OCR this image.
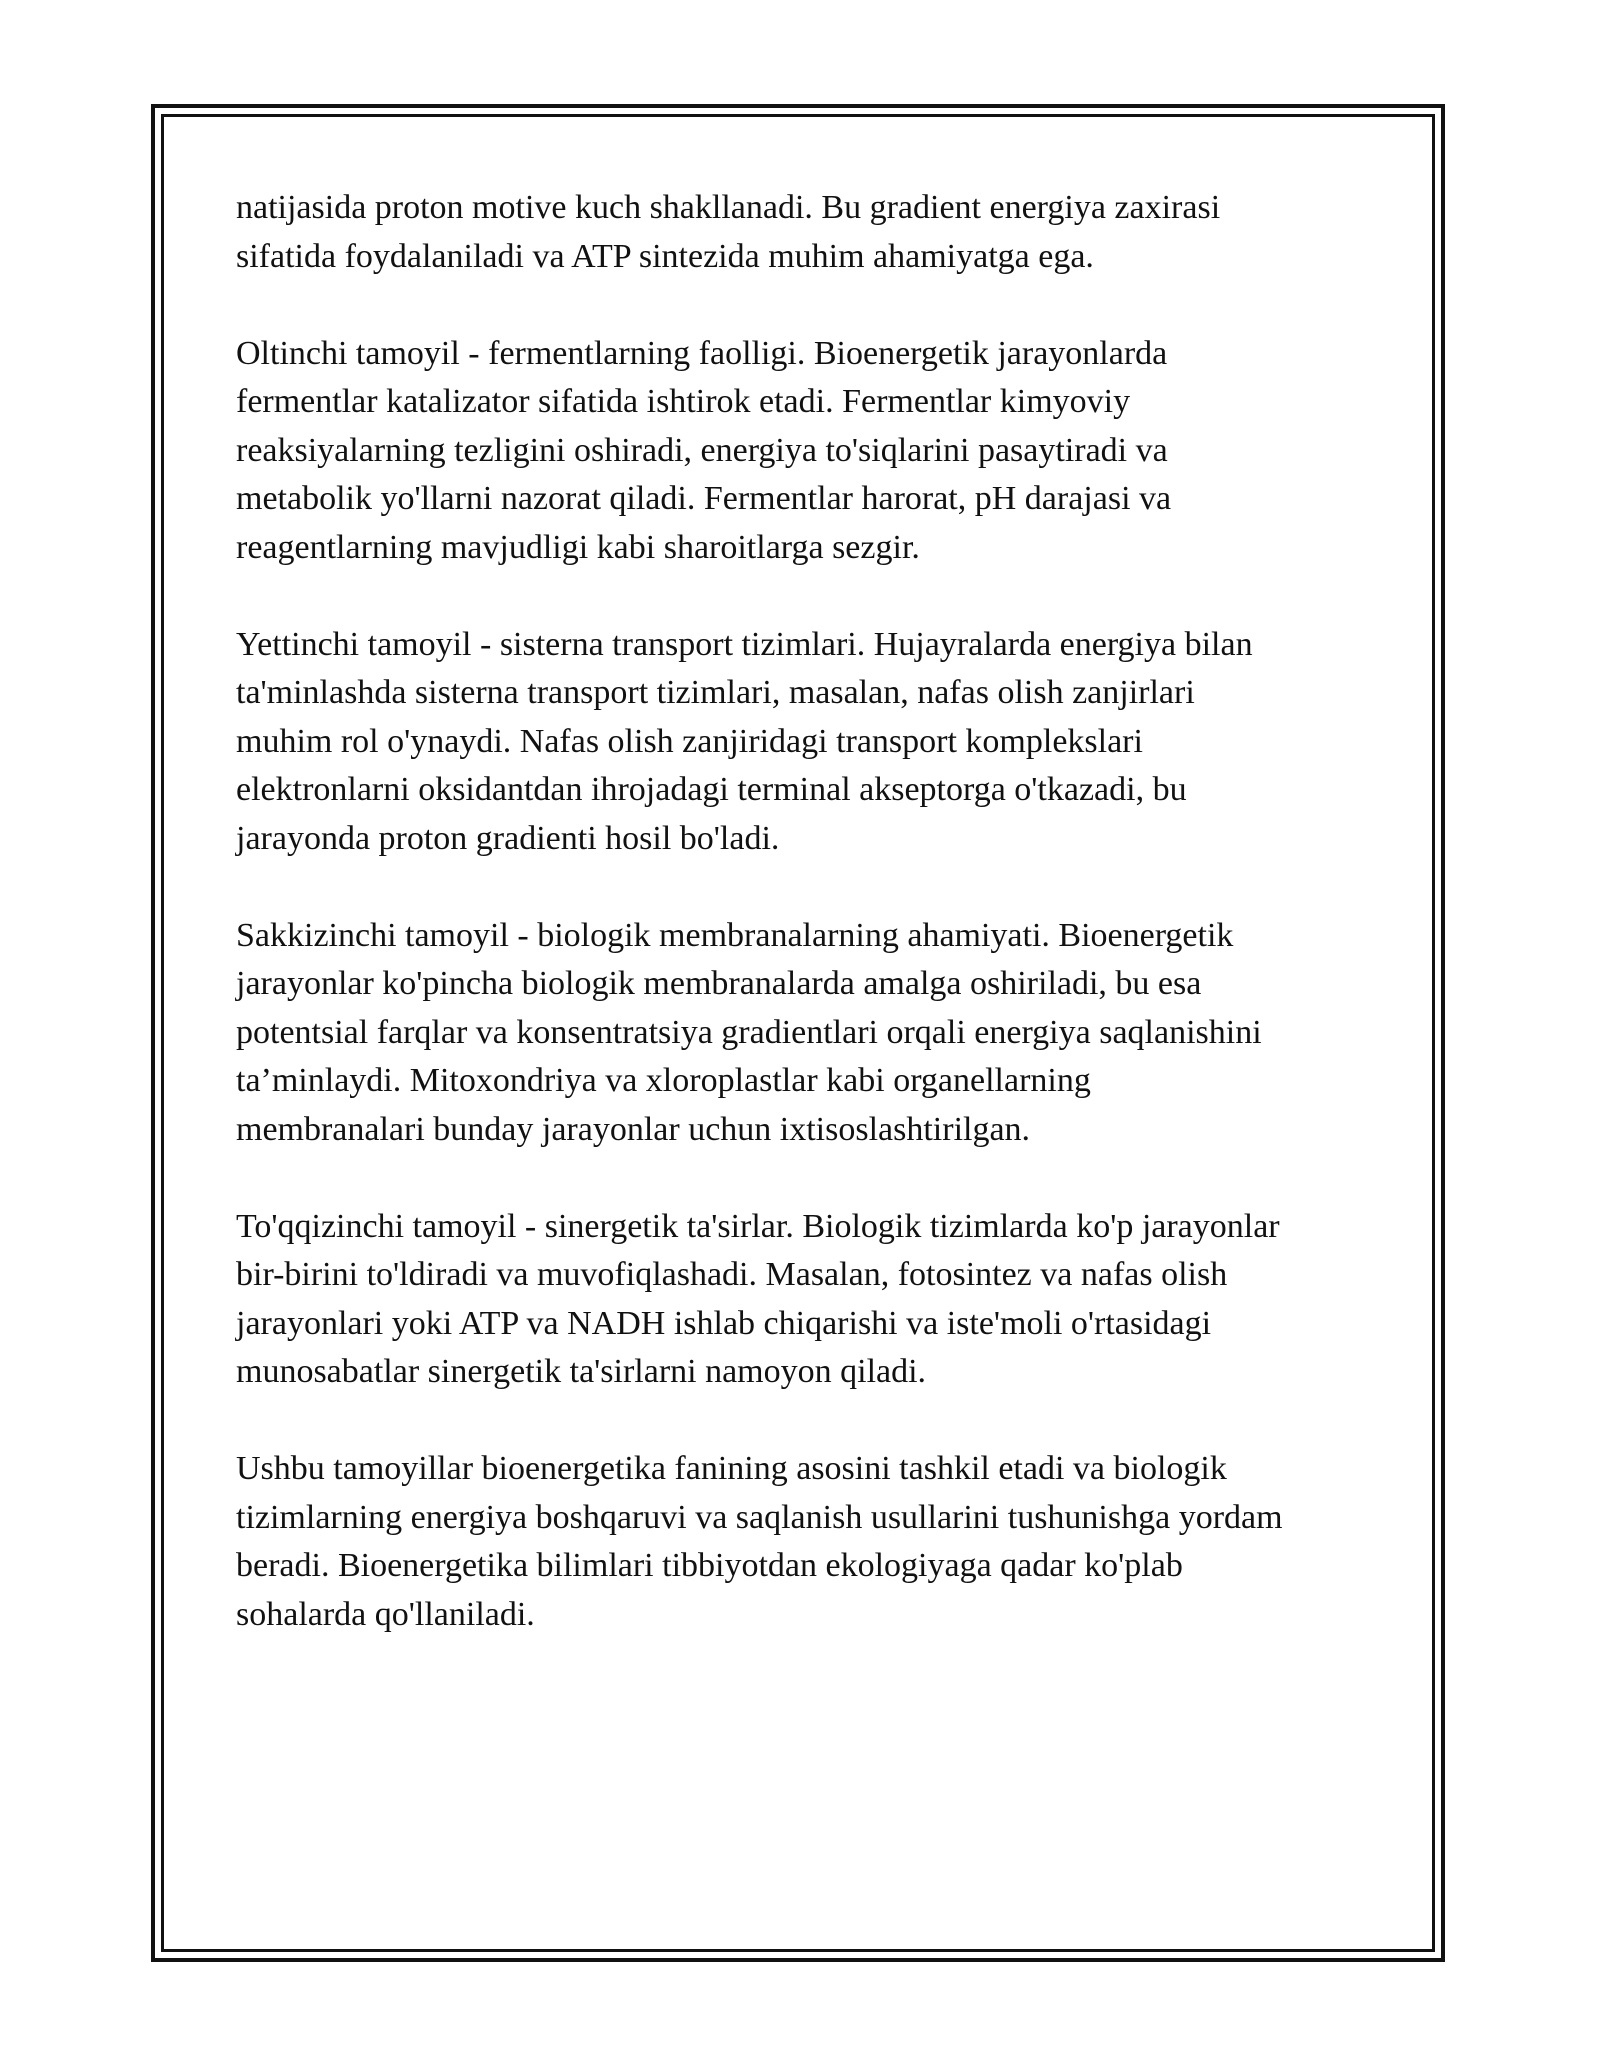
natijasida proton motive kuch shakllanadi. Bu gradient energiya zaxirasi
sifatida foydalaniladi va ATP sintezida muhim ahamiyatga ega.

Oltinchi tamoyil - fermentlarning faolligi. Bioenergetik jarayonlarda
fermentlar katalizator sifatida ishtirok etadi. Fermentlar kimyoviy
reaksiyalarning tezligini oshiradi, energiya to'siqlarini pasaytiradi va
metabolik yo'llarni nazorat qiladi. Fermentlar harorat, pH darajasi va
reagentlarning mavjudligi kabi sharoitlarga sezgir.

Yettinchi tamoyil - sisterna transport tizimlari. Hujayralarda energiya bilan
ta'minlashda sisterna transport tizimlari, masalan, nafas olish zanjirlari
muhim rol o'ynaydi. Nafas olish zanjiridagi transport komplekslari
elektronlarni oksidantdan ihrojadagi terminal akseptorga o'tkazadi, bu
jarayonda proton gradienti hosil bo'ladi.

Sakkizinchi tamoyil - biologik membranalarning ahamiyati. Bioenergetik
jarayonlar ko'pincha biologik membranalarda amalga oshiriladi, bu esa
potentsial farqlar va konsentratsiya gradientlari orqali energiya saqlanishini
ta’minlaydi. Mitoxondriya va xloroplastlar kabi organellarning
membranalari bunday jarayonlar uchun ixtisoslashtirilgan.

To'qqizinchi tamoyil - sinergetik ta'sirlar. Biologik tizimlarda ko'p jarayonlar
bir-birini to'ldiradi va muvofiqlashadi. Masalan, fotosintez va nafas olish
jarayonlari yoki ATP va NADH ishlab chiqarishi va iste'moli o'rtasidagi
munosabatlar sinergetik ta'sirlarni namoyon qiladi.

Ushbu tamoyillar bioenergetika fanining asosini tashkil etadi va biologik
tizimlarning energiya boshqaruvi va saqlanish usullarini tushunishga yordam
beradi. Bioenergetika bilimlari tibbiyotdan ekologiyaga qadar ko'plab
sohalarda qo'llaniladi.
